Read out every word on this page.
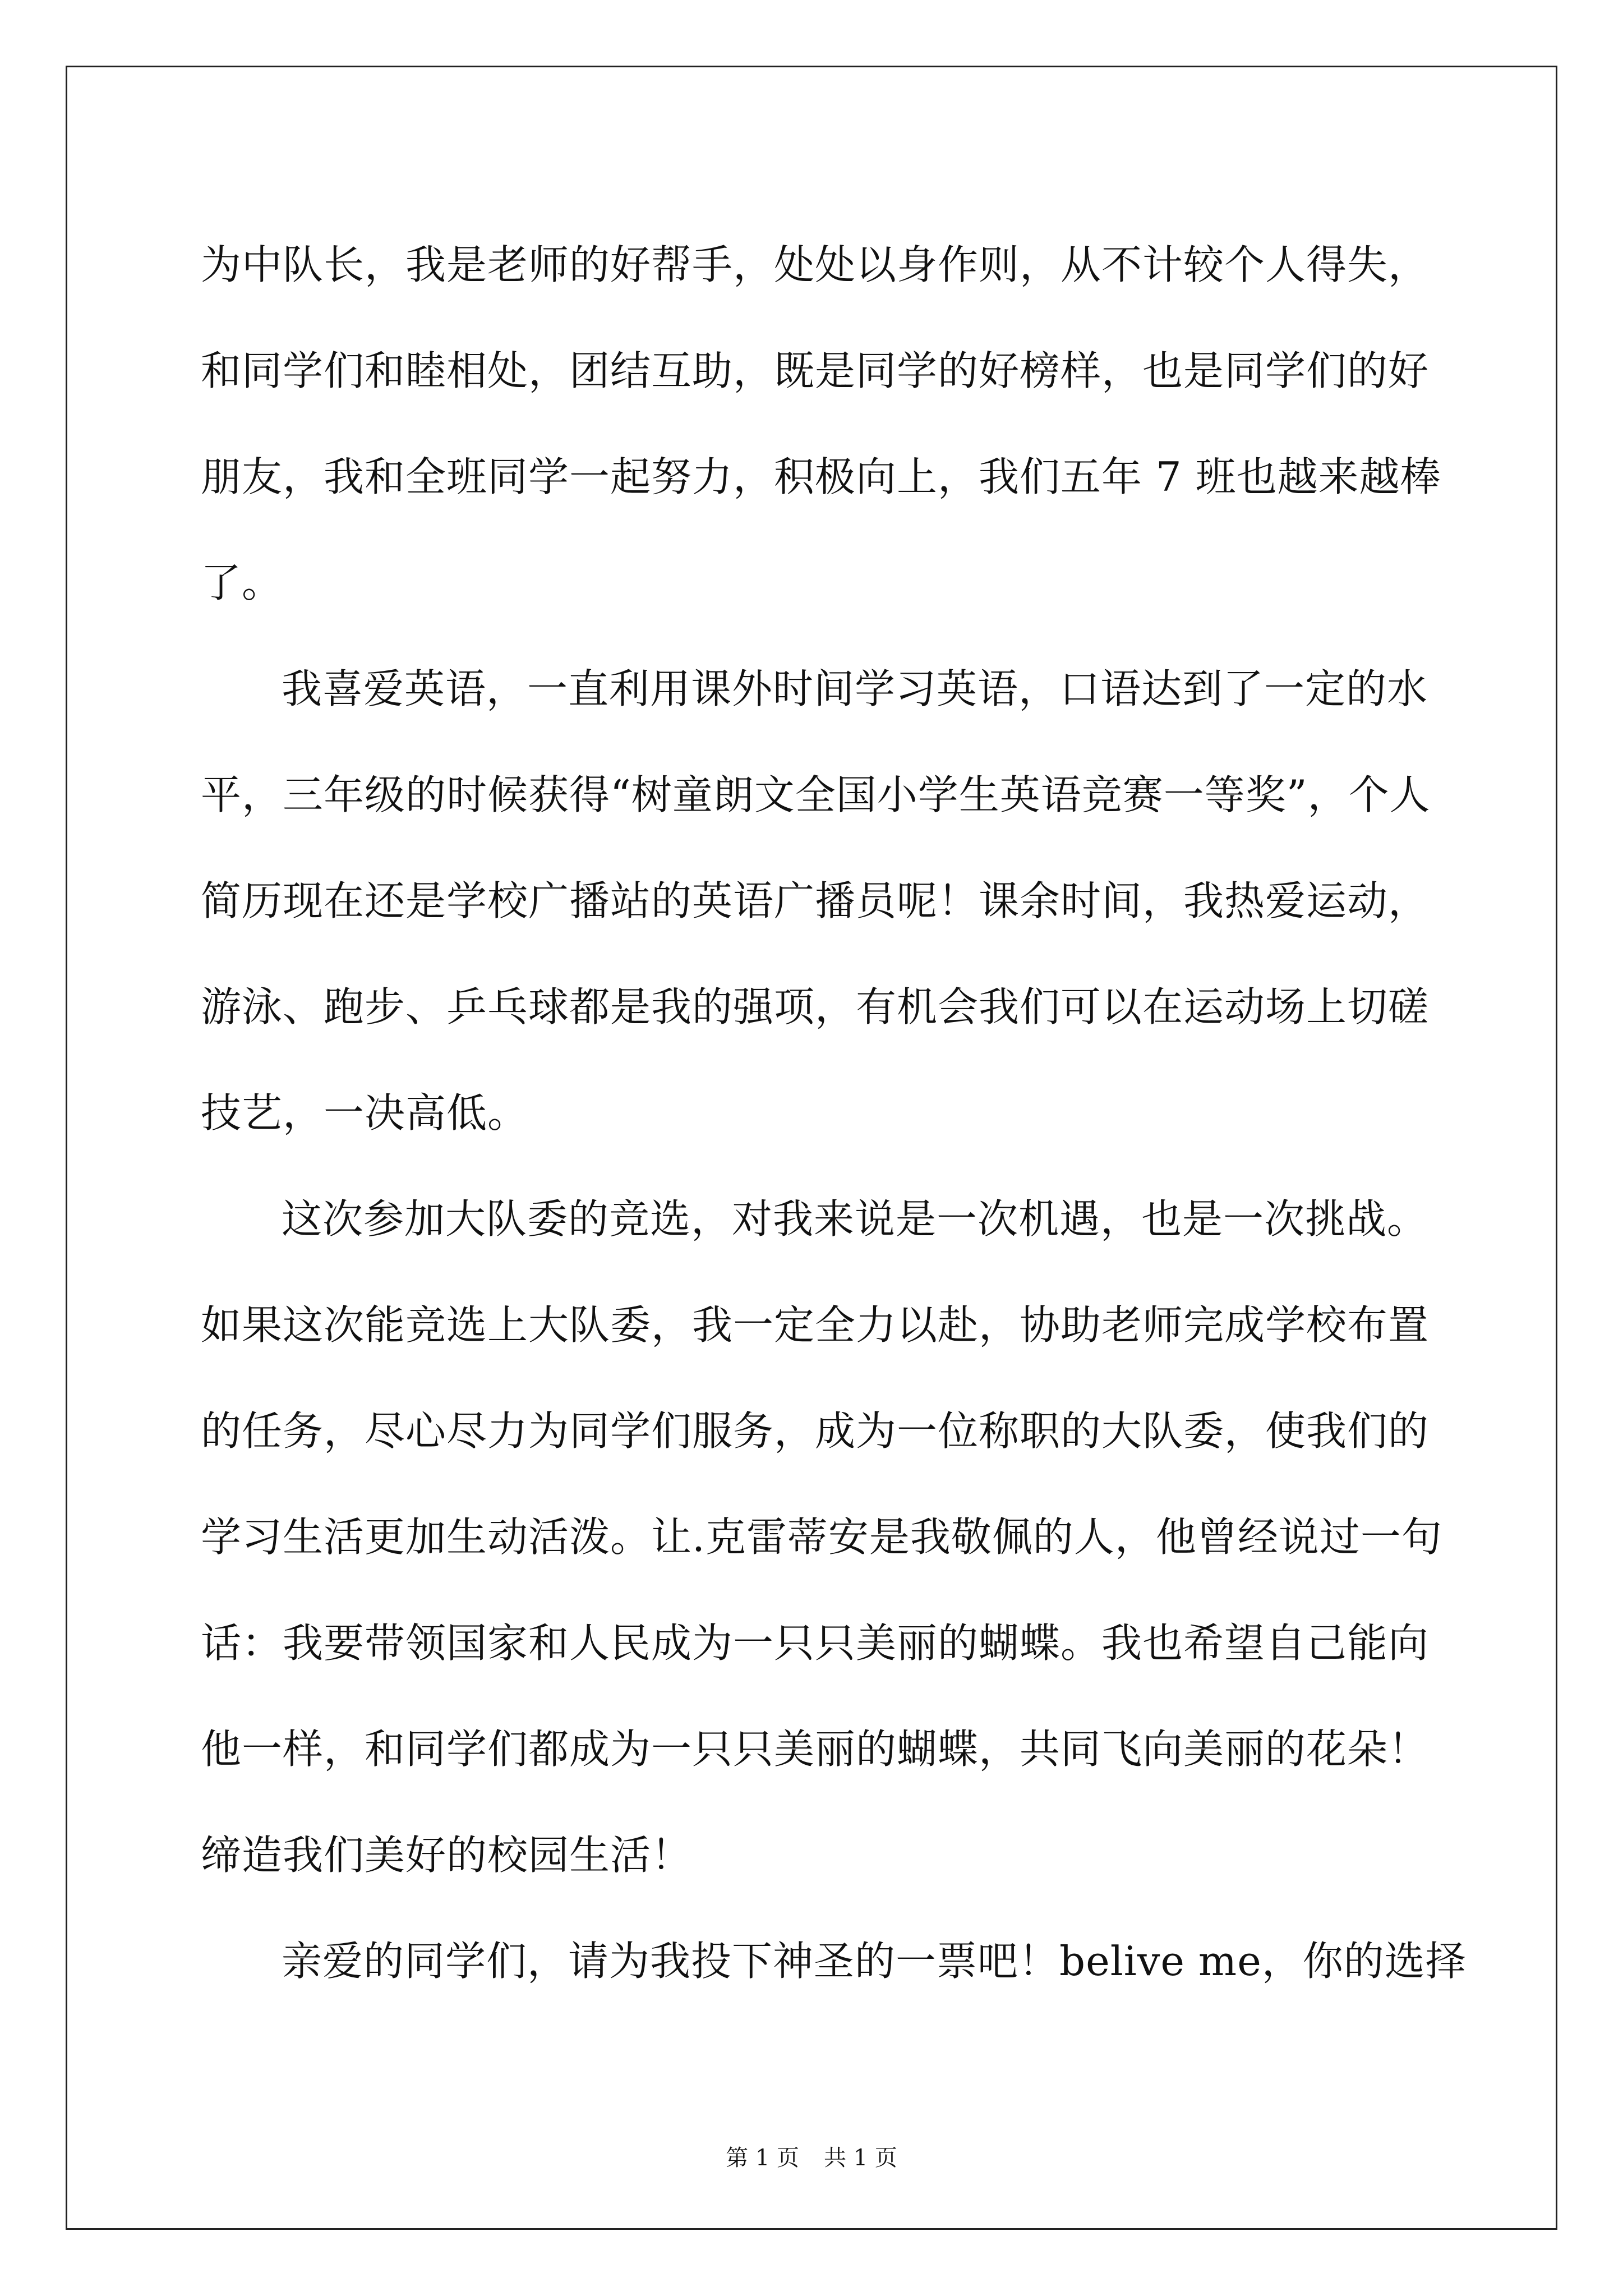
为中队长，我是老师的好帮手，处处以身作则，从不计较个人得失，
和同学们和睦相处，团结互助，既是同学的好榜样，也是同学们的好
朋友，我和全班同学一起努力，积极向上，我们五年 7 班也越来越棒
了。
我喜爱英语，一直利用课外时间学习英语，口语达到了一定的水
平，三年级的时候获得“树童朗文全国小学生英语竞赛一等奖”，个人
简历现在还是学校广播站的英语广播员呢！课余时间，我热爱运动，
游泳、跑步、乒乓球都是我的强项，有机会我们可以在运动场上切磋
技艺，一决高低。
这次参加大队委的竞选，对我来说是一次机遇，也是一次挑战。
如果这次能竞选上大队委，我一定全力以赴，协助老师完成学校布置
的任务，尽心尽力为同学们服务，成为一位称职的大队委，使我们的
学习生活更加生动活泼。让.克雷蒂安是我敬佩的人，他曾经说过一句
话：我要带领国家和人民成为一只只美丽的蝴蝶。我也希望自己能向
他一样，和同学们都成为一只只美丽的蝴蝶，共同飞向美丽的花朵！
缔造我们美好的校园生活！
亲爱的同学们，请为我投下神圣的一票吧！belive me，你的选择
第 1 页 共 1 页
